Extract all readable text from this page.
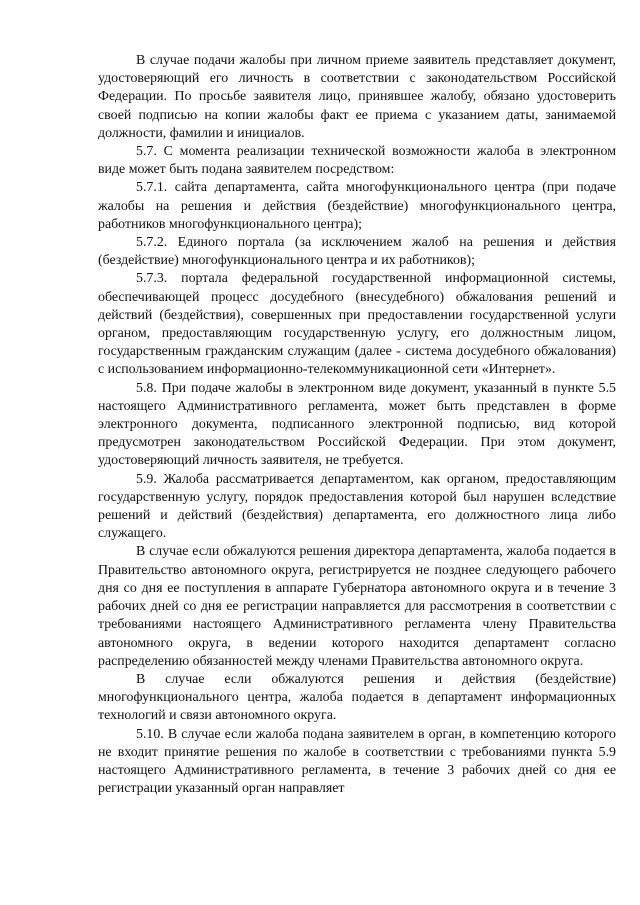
В случае подачи жалобы при личном приеме заявитель представляет документ, удостоверяющий его личность в соответствии с законодательством Российской Федерации. По просьбе заявителя лицо, принявшее жалобу, обязано удостоверить своей подписью на копии жалобы факт ее приема с указанием даты, занимаемой должности, фамилии и инициалов.

5.7. С момента реализации технической возможности жалоба в электронном виде может быть подана заявителем посредством:

5.7.1. сайта департамента, сайта многофункционального центра (при подаче жалобы на решения и действия (бездействие) многофункционального центра, работников многофункционального центра);

5.7.2. Единого портала (за исключением жалоб на решения и действия (бездействие) многофункционального центра и их работников);

5.7.3. портала федеральной государственной информационной системы, обеспечивающей процесс досудебного (внесудебного) обжалования решений и действий (бездействия), совершенных при предоставлении государственной услуги органом, предоставляющим государственную услугу, его должностным лицом, государственным гражданским служащим (далее - система досудебного обжалования) с использованием информационно-телекоммуникационной сети «Интернет».

5.8. При подаче жалобы в электронном виде документ, указанный в пункте 5.5 настоящего Административного регламента, может быть представлен в форме электронного документа, подписанного электронной подписью, вид которой предусмотрен законодательством Российской Федерации. При этом документ, удостоверяющий личность заявителя, не требуется.

5.9. Жалоба рассматривается департаментом, как органом, предоставляющим государственную услугу, порядок предоставления которой был нарушен вследствие решений и действий (бездействия) департамента, его должностного лица либо служащего.

В случае если обжалуются решения директора департамента, жалоба подается в Правительство автономного округа, регистрируется не позднее следующего рабочего дня со дня ее поступления в аппарате Губернатора автономного округа и в течение 3 рабочих дней со дня ее регистрации направляется для рассмотрения в соответствии с требованиями настоящего Административного регламента члену Правительства автономного округа, в ведении которого находится департамент согласно распределению обязанностей между членами Правительства автономного округа.

В случае если обжалуются решения и действия (бездействие) многофункционального центра, жалоба подается в департамент информационных технологий и связи автономного округа.

5.10. В случае если жалоба подана заявителем в орган, в компетенцию которого не входит принятие решения по жалобе в соответствии с требованиями пункта 5.9 настоящего Административного регламента, в течение 3 рабочих дней со дня ее регистрации указанный орган направляет
